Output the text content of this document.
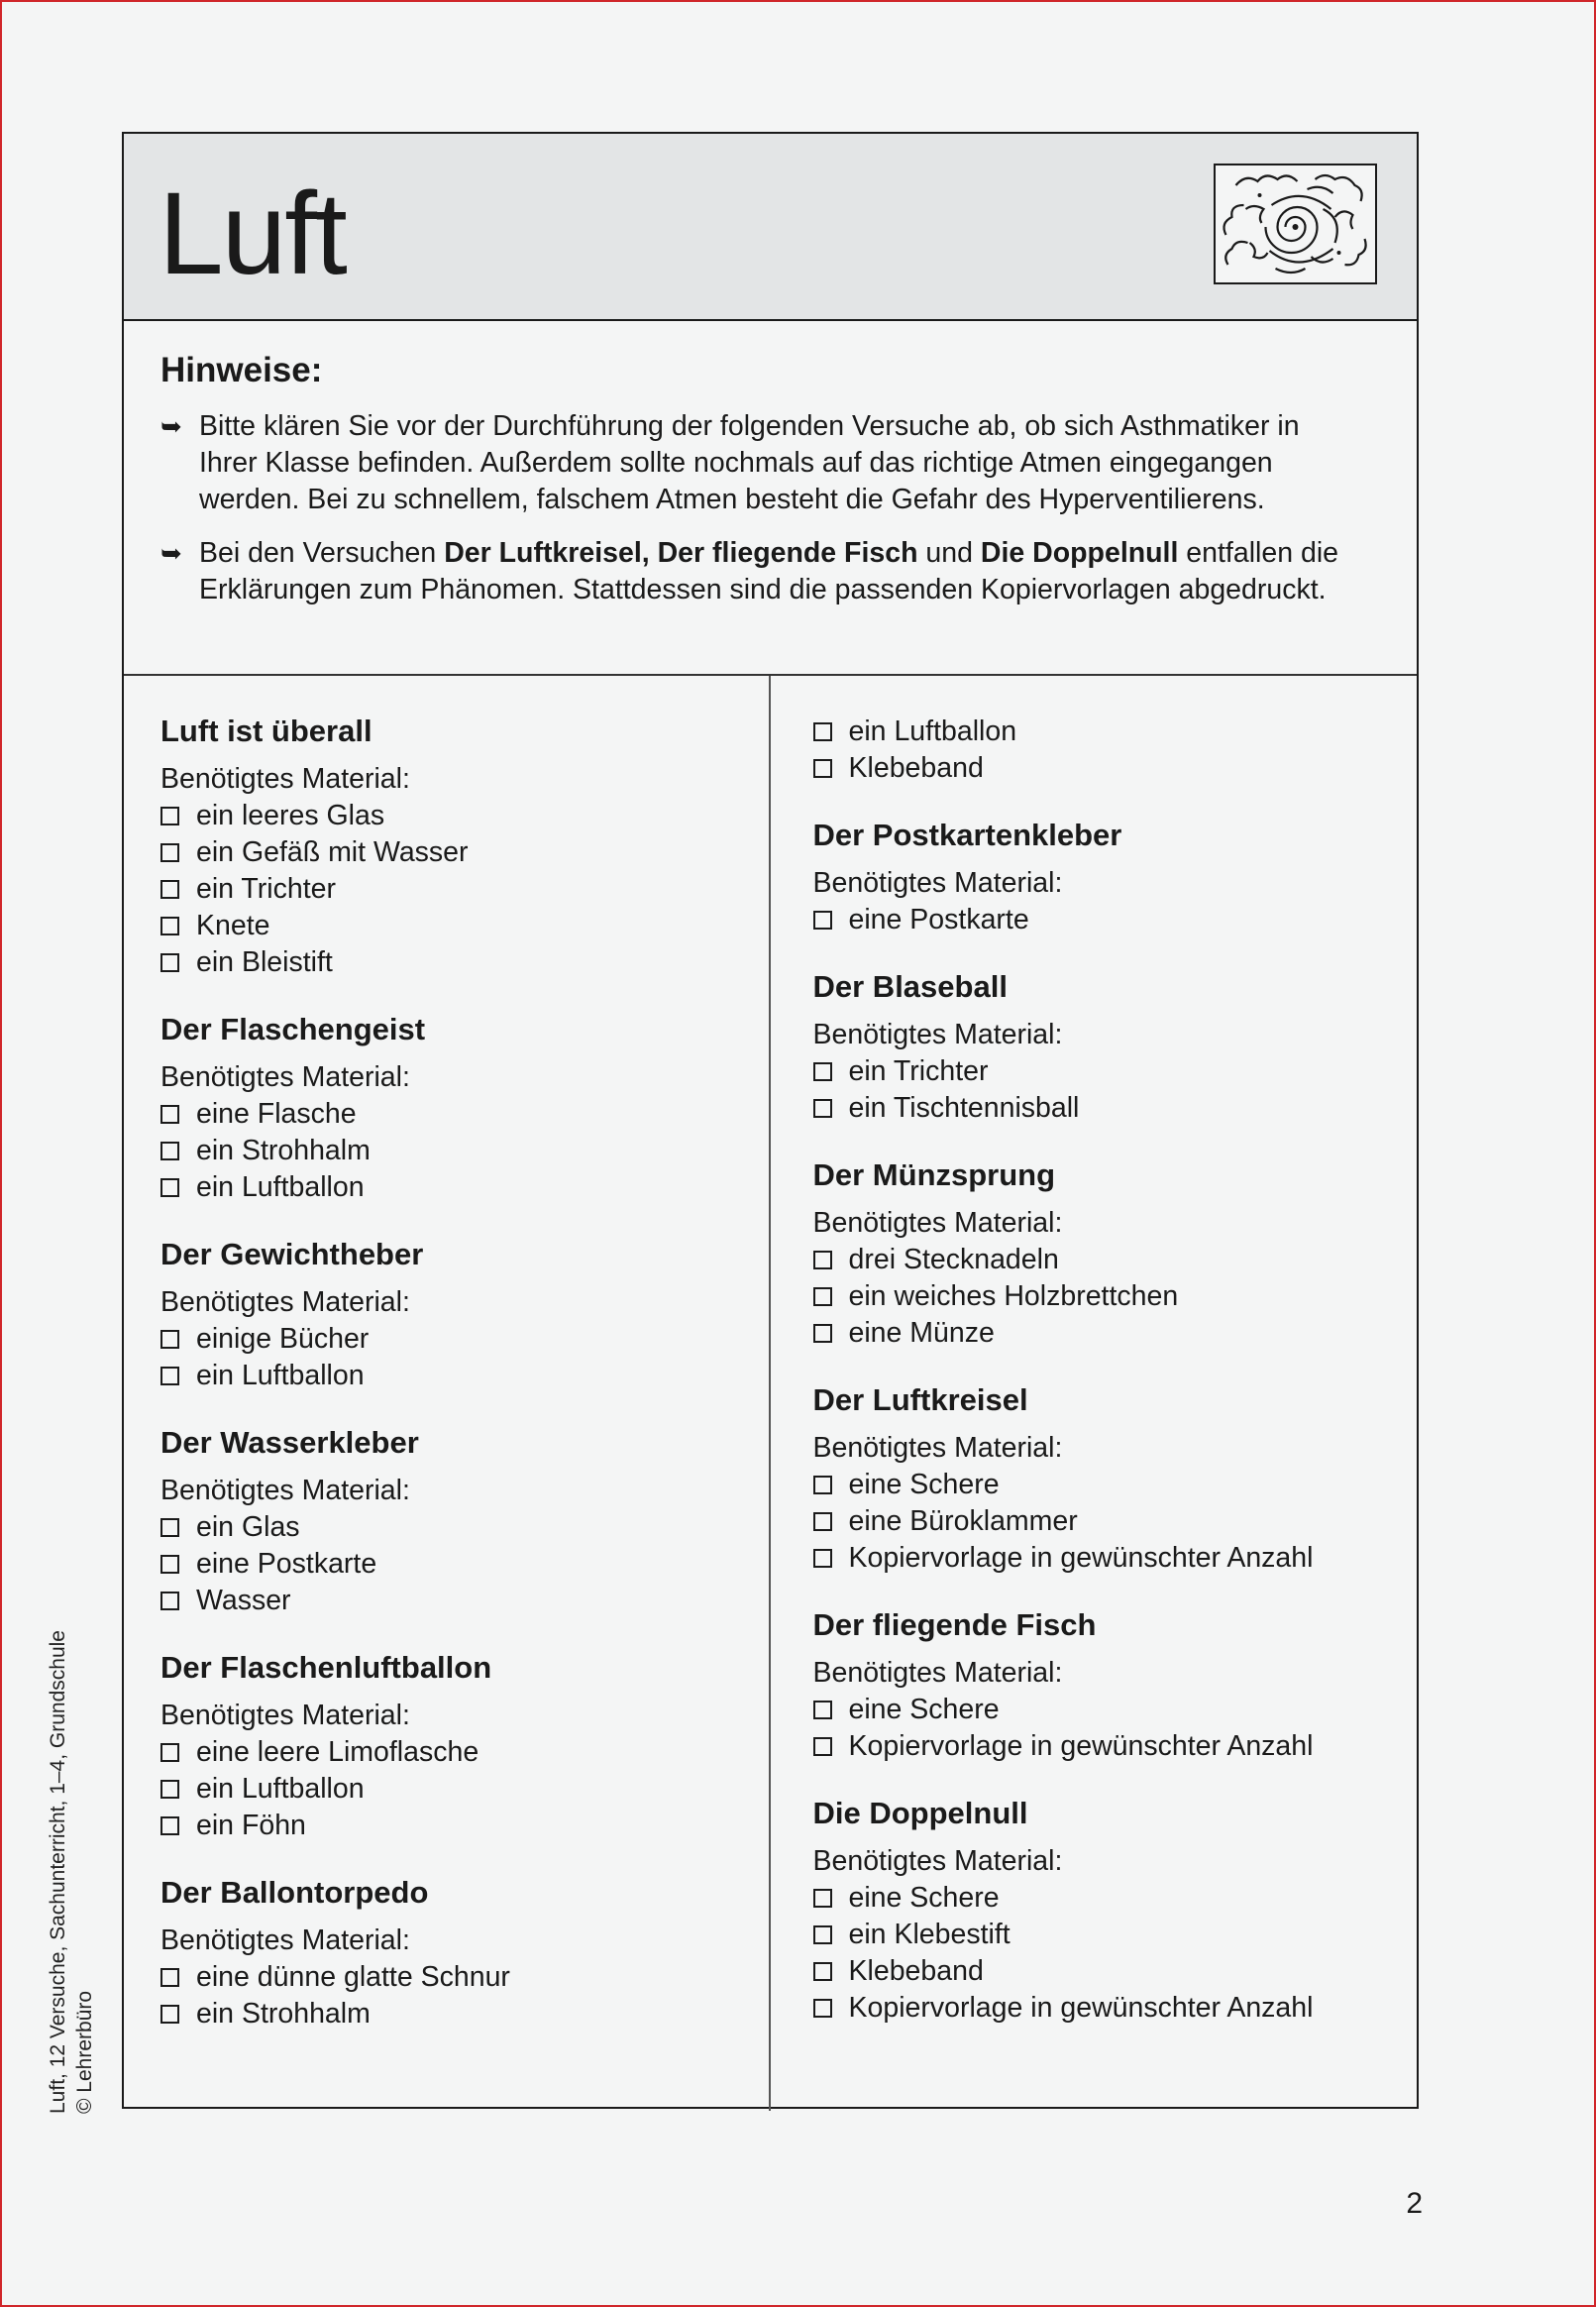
Luft
Hinweise:
➥ Bitte klären Sie vor der Durchführung der folgenden Versuche ab, ob sich Asthmatiker in Ihrer Klasse befinden. Außerdem sollte nochmals auf das richtige Atmen eingegangen werden. Bei zu schnellem, falschem Atmen besteht die Gefahr des Hyperventilierens.
➥ Bei den Versuchen Der Luftkreisel, Der fliegende Fisch und Die Doppelnull entfallen die Erklärungen zum Phänomen. Stattdessen sind die passenden Kopiervorlagen abgedruckt.
Luft ist überall
Benötigtes Material:
ein leeres Glas
ein Gefäß mit Wasser
ein Trichter
Knete
ein Bleistift
Der Flaschengeist
Benötigtes Material:
eine Flasche
ein Strohhalm
ein Luftballon
Der Gewichtheber
Benötigtes Material:
einige Bücher
ein Luftballon
Der Wasserkleber
Benötigtes Material:
ein Glas
eine Postkarte
Wasser
Der Flaschenluftballon
Benötigtes Material:
eine leere Limoflasche
ein Luftballon
ein Föhn
Der Ballontorpedo
Benötigtes Material:
eine dünne glatte Schnur
ein Strohhalm
ein Luftballon
Klebeband
Der Postkartenkleber
Benötigtes Material:
eine Postkarte
Der Blaseball
Benötigtes Material:
ein Trichter
ein Tischtennisball
Der Münzsprung
Benötigtes Material:
drei Stecknadeln
ein weiches Holzbrettchen
eine Münze
Der Luftkreisel
Benötigtes Material:
eine Schere
eine Büroklammer
Kopiervorlage in gewünschter Anzahl
Der fliegende Fisch
Benötigtes Material:
eine Schere
Kopiervorlage in gewünschter Anzahl
Die Doppelnull
Benötigtes Material:
eine Schere
ein Klebestift
Klebeband
Kopiervorlage in gewünschter Anzahl
Luft, 12 Versuche, Sachunterricht, 1–4, Grundschule © Lehrerbüro
2
